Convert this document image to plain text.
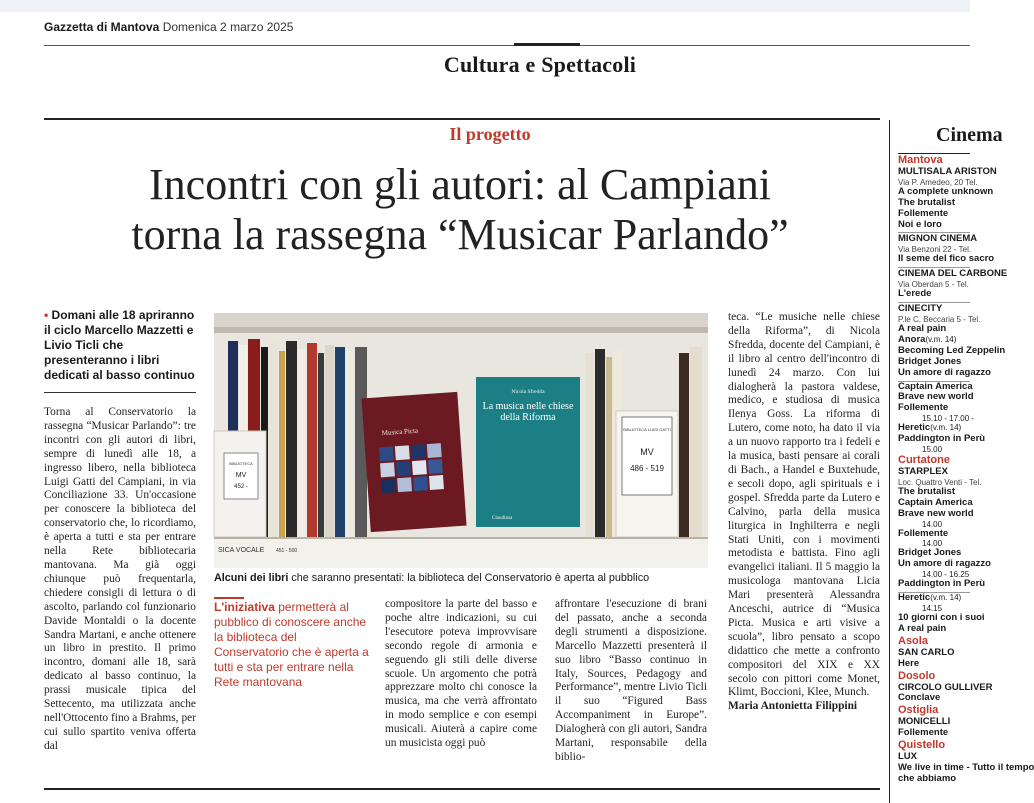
Gazzetta di Mantova Domenica 2 marzo 2025
Cultura e Spettacoli
Il progetto
Incontri con gli autori: al Campiani
torna la rassegna “Musicar Parlando”
• Domani alle 18 apriranno il ciclo Marcello Mazzetti e Livio Ticli che presenteranno i libri dedicati al basso continuo
Torna al Conservatorio la rassegna “Musicar Parlando”: tre incontri con gli autori di libri, sempre di lunedì alle 18, a ingresso libero, nella biblioteca Luigi Gatti del Campiani, in via Conciliazione 33. Un'occasione per conoscere la biblioteca del conservatorio che, lo ricordiamo, è aperta a tutti e sta per entrare nella Rete bibliotecaria mantovana. Ma già oggi chiunque può frequentarla, chiedere consigli di lettura o di ascolto, parlando col funzionario Davide Montaldi o la docente Sandra Martani, e anche ottenere un libro in prestito. Il primo incontro, domani alle 18, sarà dedicato al basso continuo, la prassi musicale tipica del Settecento, ma utilizzata anche nell'Ottocento fino a Brahms, per cui sullo spartito veniva offerta dal
BIBLIOTECA
MV
452 -
Musica Picta
Nicola Sfredda
La musica nelle chiese della Riforma
Claudiana
BIBLIOTECA LUIGI GATTI
MV
486 - 519
SICA VOCALE 451 - 500
Alcuni dei libri che saranno presentati: la biblioteca del Conservatorio è aperta al pubblico
L'iniziativa permetterà al pubblico di conoscere anche la biblioteca del Conservatorio che è aperta a tutti e sta per entrare nella Rete mantovana
compositore la parte del basso e poche altre indicazioni, su cui l'esecutore poteva improvvisare secondo regole di armonia e seguendo gli stili delle diverse scuole. Un argomento che potrà apprezzare molto chi conosce la musica, ma che verrà affrontato in modo semplice e con esempi musicali. Aiuterà a capire come un musicista oggi può
affrontare l'esecuzione di brani del passato, anche a seconda degli strumenti a disposizione. Marcello Mazzetti presenterà il suo libro “Basso continuo in Italy, Sources, Pedagogy and Performance”, mentre Livio Ticli il suo “Figured Bass Accompaniment in Europe”. Dialogherà con gli autori, Sandra Martani, responsabile della biblio-
teca. “Le musiche nelle chiese della Riforma”, di Nicola Sfredda, docente del Campiani, è il libro al centro dell'incontro di lunedì 24 marzo. Con lui dialogherà la pastora valdese, medico, e studiosa di musica Ilenya Goss. La riforma di Lutero, come noto, ha dato il via a un nuovo rapporto tra i fedeli e la musica, basti pensare ai corali di Bach., a Handel e Buxtehude, e secoli dopo, agli spirituals e i gospel. Sfredda parte da Lutero e Calvino, parla della musica liturgica in Inghilterra e negli Stati Uniti, con i movimenti metodista e battista. Fino agli evangelici italiani. Il 5 maggio la musicologa mantovana Licia Mari presenterà Alessandra Anceschi, autrice di “Musica Picta. Musica e arti visive a scuola”, libro pensato a scopo didattico che mette a confronto compositori del XIX e XX secolo con pittori come Monet, Klimt, Boccioni, Klee, Munch.
Maria Antonietta Filippini
Cinema
Mantova
MULTISALA ARISTON
Via P. Amedeo, 20 Tel.
A complete unknown
The brutalist
Follemente
Noi e loro
MIGNON CINEMA
Via Benzoni 22 - Tel.
Il seme del fico sacro
CINEMA DEL CARBONE
Via Oberdan 5 - Tel.
L'erede
CINECITY
P.le C. Beccaria 5 - Tel.
A real pain
Anora(v.m. 14)
Becoming Led Zeppelin
Bridget Jones
Un amore di ragazzo
Captain America
Brave new world
Follemente
15.10 - 17.00 -
Heretic(v.m. 14)
Paddington in Perù
15.00
Curtatone
STARPLEX
Loc. Quattro Venti - Tel.
The brutalist
Captain America
Brave new world
14.00
Follemente
14.00
Bridget Jones
Un amore di ragazzo
14.00 - 16.25
Paddington in Perù
Heretic(v.m. 14)
14.15
10 giorni con i suoi
A real pain
Asola
SAN CARLO
Here
Dosolo
CIRCOLO GULLIVER
Conclave
Ostiglia
MONICELLI
Follemente
Quistello
LUX
We live in time - Tutto il tempo
che abbiamo
